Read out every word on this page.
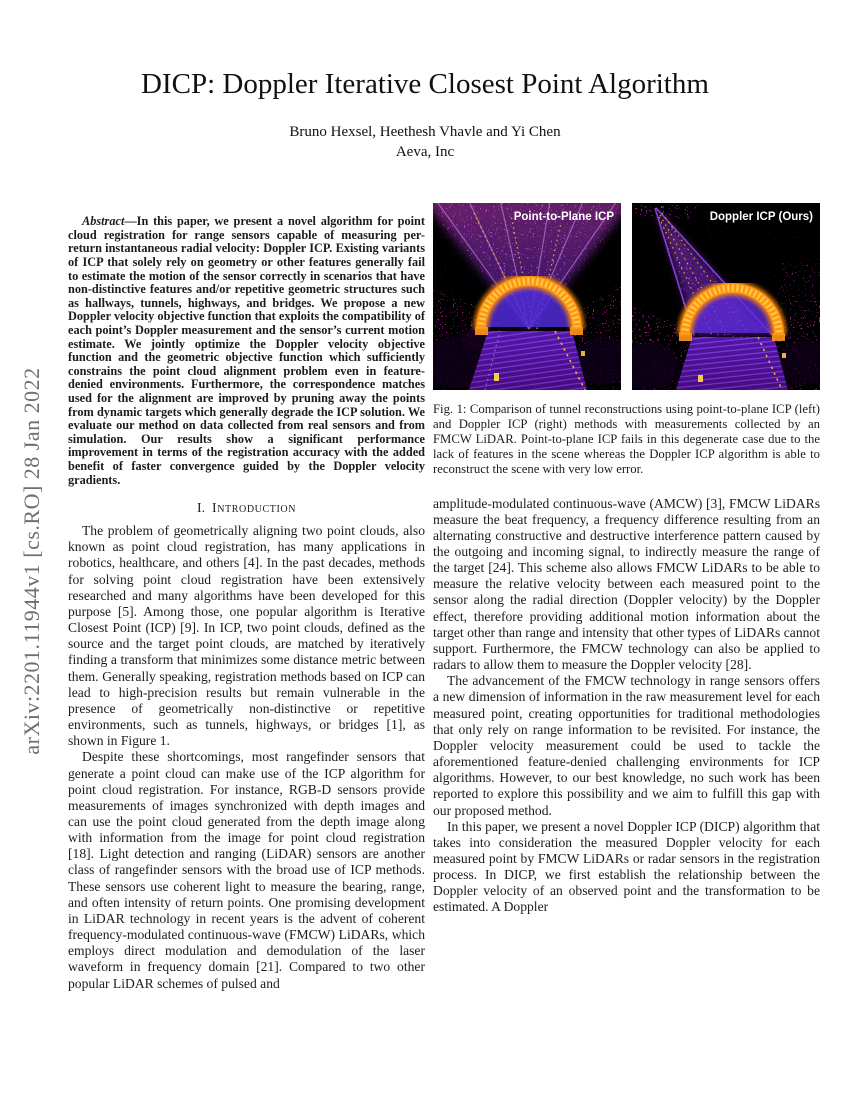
arXiv:2201.11944v1 [cs.RO] 28 Jan 2022
DICP: Doppler Iterative Closest Point Algorithm
Bruno Hexsel, Heethesh Vhavle and Yi Chen
Aeva, Inc

Abstract—In this paper, we present a novel algorithm for point cloud registration for range sensors capable of measuring per-return instantaneous radial velocity: Doppler ICP. Existing variants of ICP that solely rely on geometry or other features generally fail to estimate the motion of the sensor correctly in scenarios that have non-distinctive features and/or repetitive geometric structures such as hallways, tunnels, highways, and bridges. We propose a new Doppler velocity objective function that exploits the compatibility of each point’s Doppler measurement and the sensor’s current motion estimate. We jointly optimize the Doppler velocity objective function and the geometric objective function which sufficiently constrains the point cloud alignment problem even in feature-denied environments. Furthermore, the correspondence matches used for the alignment are improved by pruning away the points from dynamic targets which generally degrade the ICP solution. We evaluate our method on data collected from real sensors and from simulation. Our results show a significant performance improvement in terms of the registration accuracy with the added benefit of faster convergence guided by the Doppler velocity gradients.

I. Introduction

The problem of geometrically aligning two point clouds, also known as point cloud registration, has many applications in robotics, healthcare, and others [4]. In the past decades, methods for solving point cloud registration have been extensively researched and many algorithms have been developed for this purpose [5]. Among those, one popular algorithm is Iterative Closest Point (ICP) [9]. In ICP, two point clouds, defined as the source and the target point clouds, are matched by iteratively finding a transform that minimizes some distance metric between them. Generally speaking, registration methods based on ICP can lead to high-precision results but remain vulnerable in the presence of geometrically non-distinctive or repetitive environments, such as tunnels, highways, or bridges [1], as shown in Figure 1.

Despite these shortcomings, most rangefinder sensors that generate a point cloud can make use of the ICP algorithm for point cloud registration. For instance, RGB-D sensors provide measurements of images synchronized with depth images and can use the point cloud generated from the depth image along with information from the image for point cloud registration [18]. Light detection and ranging (LiDAR) sensors are another class of rangefinder sensors with the broad use of ICP methods. These sensors use coherent light to measure the bearing, range, and often intensity of return points. One promising development in LiDAR technology in recent years is the advent of coherent frequency-modulated continuous-wave (FMCW) LiDARs, which employs direct modulation and demodulation of the laser waveform in frequency domain [21]. Compared to two other popular LiDAR schemes of pulsed and

Point-to-Plane ICP	Doppler ICP (Ours)
Fig. 1: Comparison of tunnel reconstructions using point-to-plane ICP (left) and Doppler ICP (right) methods with measurements collected by an FMCW LiDAR. Point-to-plane ICP fails in this degenerate case due to the lack of features in the scene whereas the Doppler ICP algorithm is able to reconstruct the scene with very low error.

amplitude-modulated continuous-wave (AMCW) [3], FMCW LiDARs measure the beat frequency, a frequency difference resulting from an alternating constructive and destructive interference pattern caused by the outgoing and incoming signal, to indirectly measure the range of the target [24]. This scheme also allows FMCW LiDARs to be able to measure the relative velocity between each measured point to the sensor along the radial direction (Doppler velocity) by the Doppler effect, therefore providing additional motion information about the target other than range and intensity that other types of LiDARs cannot support. Furthermore, the FMCW technology can also be applied to radars to allow them to measure the Doppler velocity [28].

The advancement of the FMCW technology in range sensors offers a new dimension of information in the raw measurement level for each measured point, creating opportunities for traditional methodologies that only rely on range information to be revisited. For instance, the Doppler velocity measurement could be used to tackle the aforementioned feature-denied challenging environments for ICP algorithms. However, to our best knowledge, no such work has been reported to explore this possibility and we aim to fulfill this gap with our proposed method.

In this paper, we present a novel Doppler ICP (DICP) algorithm that takes into consideration the measured Doppler velocity for each measured point by FMCW LiDARs or radar sensors in the registration process. In DICP, we first establish the relationship between the Doppler velocity of an observed point and the transformation to be estimated. A Doppler
